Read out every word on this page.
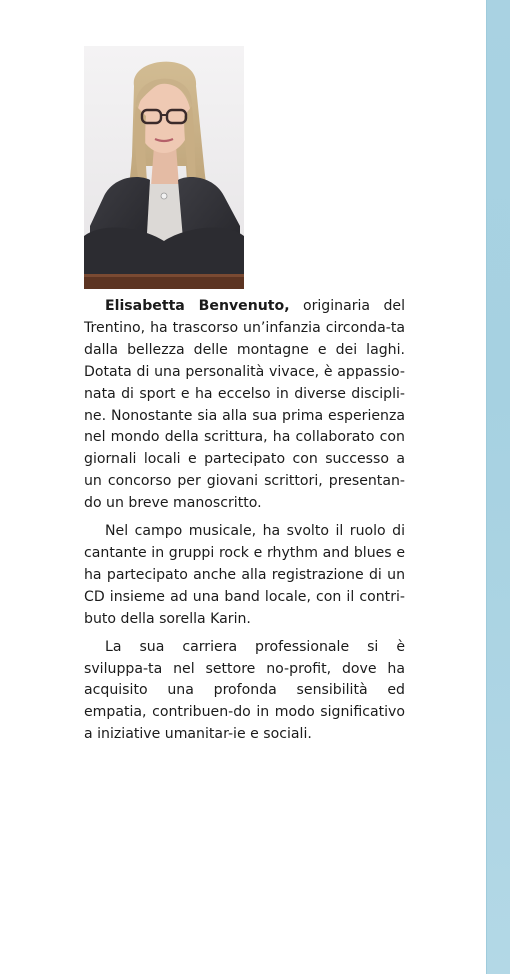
Elisabetta Benvenuto, originaria del Trentino, ha trascorso un’infanzia circonda-ta dalla bellezza delle montagne e dei laghi. Dotata di una personalità vivace, è appassio-nata di sport e ha eccelso in diverse discipli-ne. Nonostante sia alla sua prima esperienza nel mondo della scrittura, ha collaborato con giornali locali e partecipato con successo a un concorso per giovani scrittori, presentan-do un breve manoscritto.

Nel campo musicale, ha svolto il ruolo di cantante in gruppi rock e rhythm and blues e ha partecipato anche alla registrazione di un CD insieme ad una band locale, con il contri-buto della sorella Karin.

La sua carriera professionale si è sviluppa-ta nel settore no-profit, dove ha acquisito una profonda sensibilità ed empatia, contribuen-do in modo significativo a iniziative umanitar-ie e sociali.
